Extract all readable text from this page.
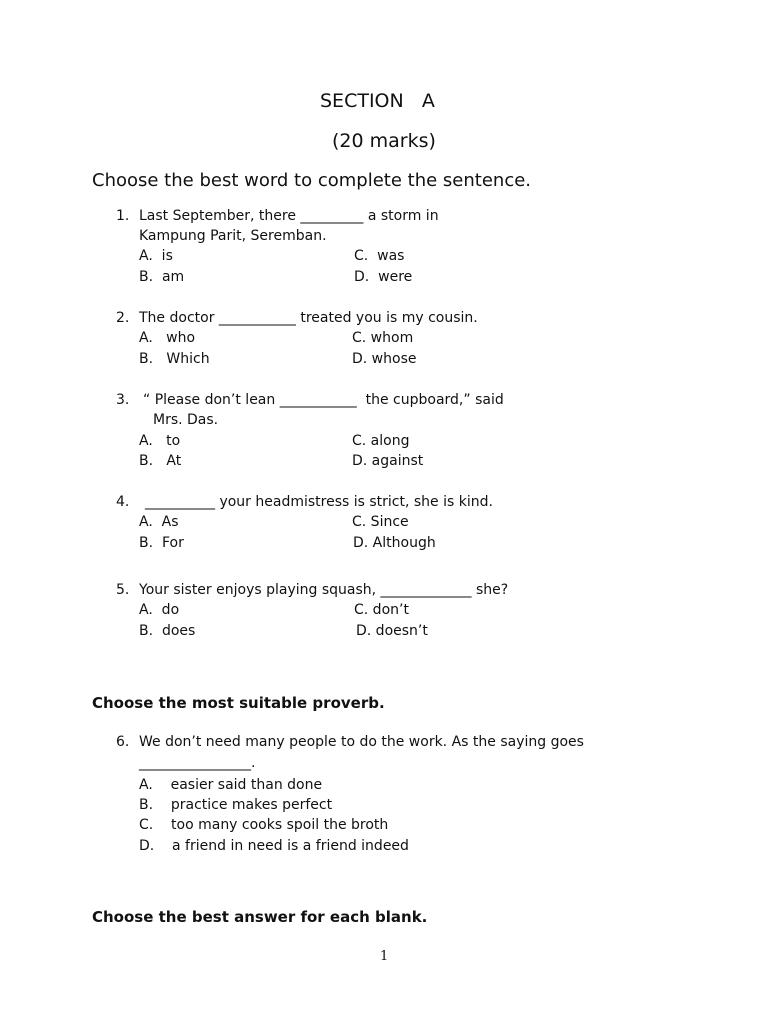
SECTION   A
(20 marks)
Choose the best word to complete the sentence.
1. Last September, there _________ a storm in
Kampung Parit, Seremban.
A.  is
B.  am
C.  was
D.  were
2. The doctor ___________ treated you is my cousin.
A.   who
B.   Which
C. whom
D. whose
3. “ Please don’t lean ___________  the cupboard,” said
Mrs. Das.
A.   to
B.   At
C. along
D. against
4. __________ your headmistress is strict, she is kind.
A.  As
B.  For
C. Since
D. Although
5. Your sister enjoys playing squash, _____________ she?
A.  do
B.  does
C. don’t
D. doesn’t
Choose the most suitable proverb.
6. We don’t need many people to do the work. As the saying goes
________________.
A.    easier said than done
B.    practice makes perfect
C.    too many cooks spoil the broth
D.    a friend in need is a friend indeed
Choose the best answer for each blank.
1
